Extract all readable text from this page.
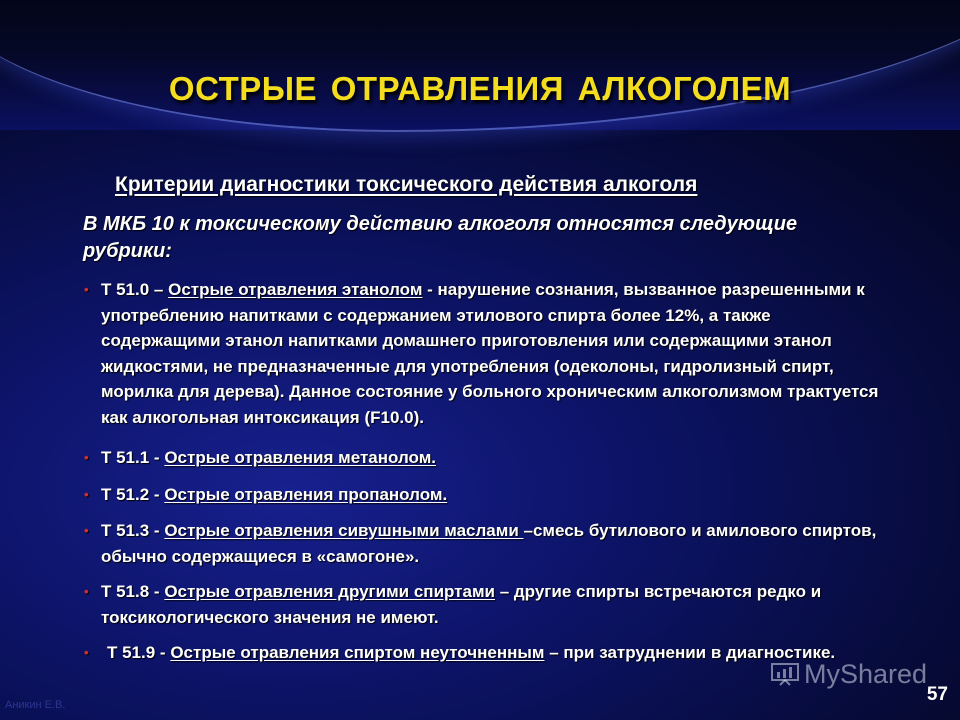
ОСТРЫЕ ОТРАВЛЕНИЯ АЛКОГОЛЕМ
Критерии диагностики токсического действия алкоголя
В МКБ 10 к токсическому действию алкоголя относятся следующие рубрики:
• Т 51.0 – Острые отравления этанолом - нарушение сознания, вызванное разрешенными к употреблению напитками с содержанием этилового спирта более 12%, а также содержащими этанол напитками домашнего приготовления или содержащими этанол жидкостями, не предназначенные для употребления (одеколоны, гидролизный спирт, морилка для дерева). Данное состояние у больного хроническим алкоголизмом трактуется как алкогольная интоксикация (F10.0).
• Т 51.1 - Острые отравления метанолом.
• Т 51.2 - Острые отравления пропанолом.
• Т 51.3 - Острые отравления сивушными маслами –смесь бутилового и амилового спиртов, обычно содержащиеся в «самогоне».
• Т 51.8 - Острые отравления другими спиртами – другие спирты встречаются редко и токсикологического значения не имеют.
• Т 51.9 - Острые отравления спиртом неуточненным – при затруднении в диагностике.
Аникин Е.В.
MyShared
57
